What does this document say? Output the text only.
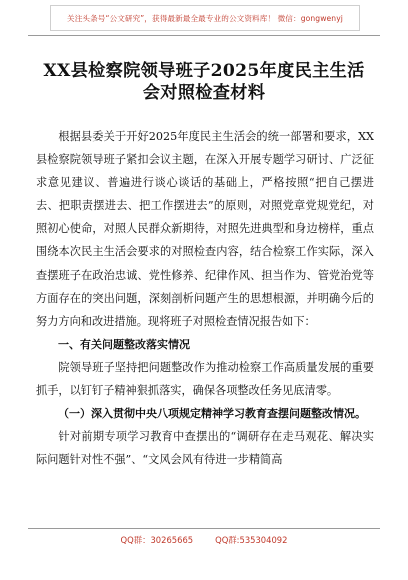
关注头条号“公文研究”，获得最新最全最专业的公文资料库！ 微信：gongwenyj
XX县检察院领导班子2025年度民主生活
会对照检查材料

根据县委关于开好2025年度民主生活会的统一部署和要求，XX县检察院领导班子紧扣会议主题，在深入开展专题学习研讨、广泛征求意见建议、普遍进行谈心谈话的基础上，严格按照“把自己摆进去、把职责摆进去、把工作摆进去”的原则，对照党章党规党纪，对照初心使命，对照人民群众新期待，对照先进典型和身边榜样，重点围绕本次民主生活会要求的对照检查内容，结合检察工作实际，深入查摆班子在政治忠诚、党性修养、纪律作风、担当作为、管党治党等方面存在的突出问题，深刻剖析问题产生的思想根源，并明确今后的努力方向和改进措施。现将班子对照检查情况报告如下：

一、有关问题整改落实情况

院领导班子坚持把问题整改作为推动检察工作高质量发展的重要抓手，以钉钉子精神狠抓落实，确保各项整改任务见底清零。

（一）深入贯彻中央八项规定精神学习教育查摆问题整改情况。

针对前期专项学习教育中查摆出的“调研存在走马观花、解决实际问题针对性不强”、“文风会风有待进一步精简高

QQ群：30265665	QQ群:535304092
